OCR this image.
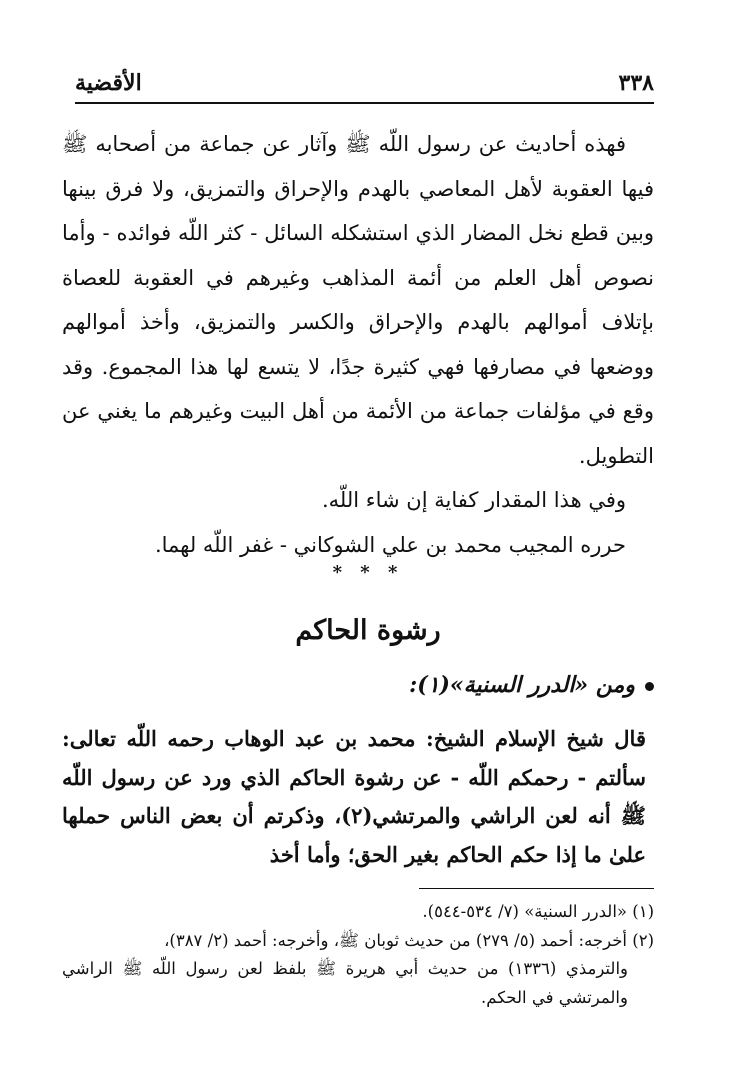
الأقضية	٣٣٨

فهذه أحاديث عن رسول اللّه ﷺ وآثار عن جماعة من أصحابه ﷺ فيها العقوبة لأهل المعاصي بالهدم والإحراق والتمزيق، ولا فرق بينها وبين قطع نخل المضار الذي استشكله السائل - كثر اللّه فوائده - وأما نصوص أهل العلم من أئمة المذاهب وغيرهم في العقوبة للعصاة بإتلاف أموالهم بالهدم والإحراق والكسر والتمزيق، وأخذ أموالهم ووضعها في مصارفها فهي كثيرة جدًا، لا يتسع لها هذا المجموع. وقد وقع في مؤلفات جماعة من الأئمة من أهل البيت وغيرهم ما يغني عن التطويل.

وفي هذا المقدار كفاية إن شاء اللّه.

حرره المجيب محمد بن علي الشوكاني - غفر اللّه لهما.

* * *
رشوة الحاكم
ومن «الدرر السنية»(١):

قال شيخ الإسلام الشيخ: محمد بن عبد الوهاب رحمه اللّه تعالى: سألتم - رحمكم اللّه - عن رشوة الحاكم الذي ورد عن رسول اللّه ﷺ أنه لعن الراشي والمرتشي(٢)، وذكرتم أن بعض الناس حملها علىٰ ما إذا حكم الحاكم بغير الحق؛ وأما أخذ

(١) «الدرر السنية» (٧/ ٥٣٤-٥٤٤).

(٢) أخرجه: أحمد (٥/ ٢٧٩) من حديث ثوبان ﷺ، وأخرجه: أحمد (٢/ ٣٨٧)،

والترمذي (١٣٣٦) من حديث أبي هريرة ﷺ بلفظ لعن رسول اللّه ﷺ الراشي والمرتشي في الحكم.
